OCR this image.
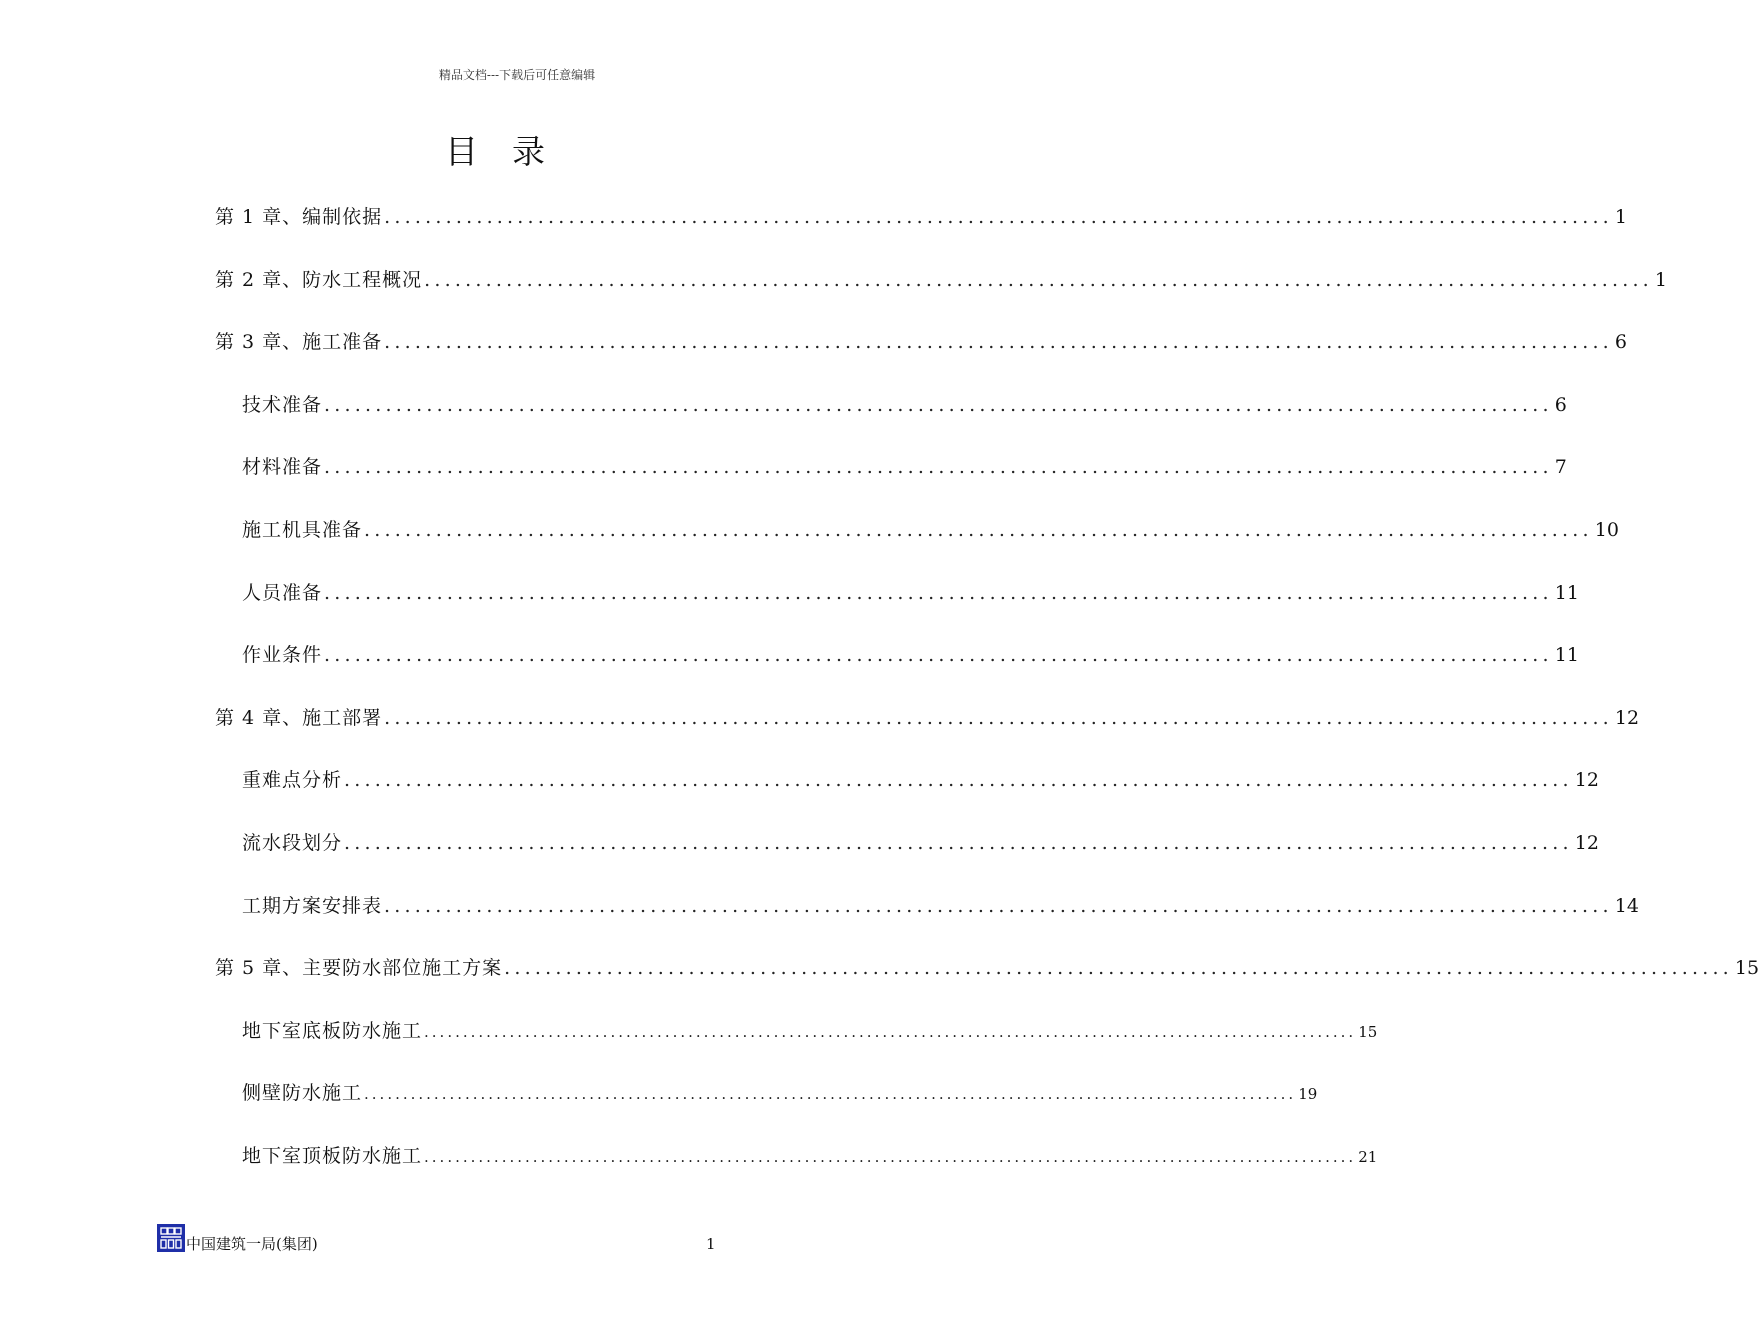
精品文档---下载后可任意编辑
目录
第 1 章、编制依据 ........................................................................................................................ 1
第 2 章、防水工程概况 ........................................................................................................................ 1
第 3 章、施工准备 ........................................................................................................................ 6
技术准备 ........................................................................................................................ 6
材料准备 ........................................................................................................................ 7
施工机具准备 ........................................................................................................................ 10
人员准备 ........................................................................................................................ 11
作业条件 ........................................................................................................................ 11
第 4 章、施工部署 ........................................................................................................................ 12
重难点分析 ........................................................................................................................ 12
流水段划分 ........................................................................................................................ 12
工期方案安排表 ........................................................................................................................ 14
第 5 章、主要防水部位施工方案 ........................................................................................................................ 15
地下室底板防水施工 ........................................................................................................................ 15
侧壁防水施工 ........................................................................................................................ 19
地下室顶板防水施工 ........................................................................................................................ 21
中国建筑一局(集团)	1
